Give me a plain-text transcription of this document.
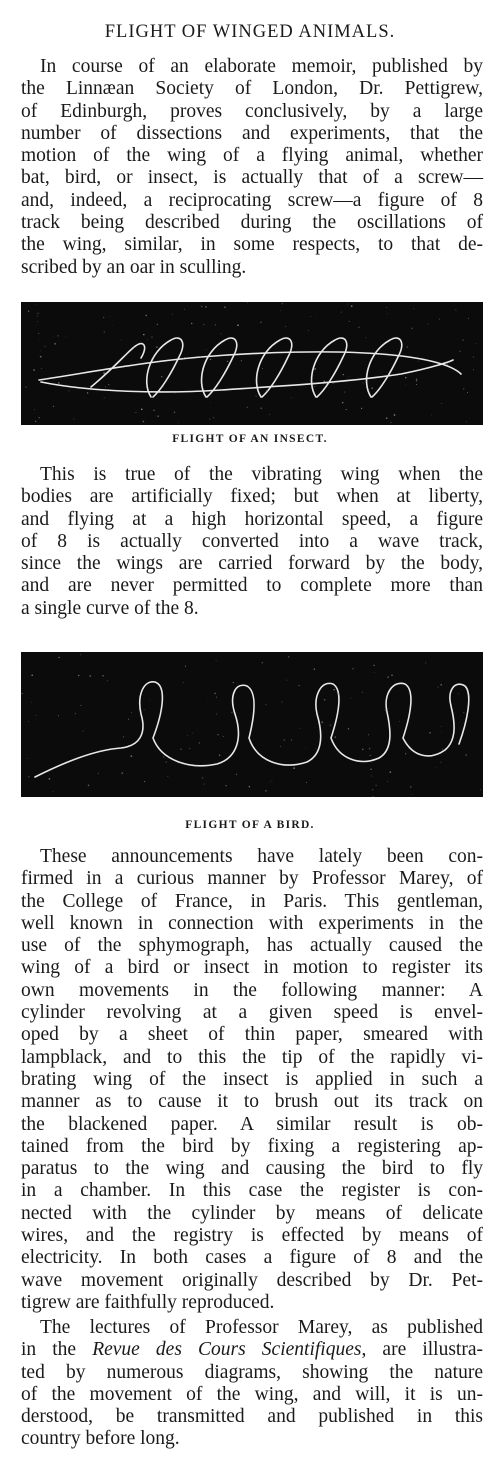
FLIGHT OF WINGED ANIMALS.
In course of an elaborate memoir, published by
the Linnæan Society of London, Dr. Pettigrew,
of Edinburgh, proves conclusively, by a large
number of dissections and experiments, that the
motion of the wing of a flying animal, whether
bat, bird, or insect, is actually that of a screw—
and, indeed, a reciprocating screw—a figure of 8
track being described during the oscillations of
the wing, similar, in some respects, to that de-
scribed by an oar in sculling.
FLIGHT OF AN INSECT.
This is true of the vibrating wing when the
bodies are artificially fixed; but when at liberty,
and flying at a high horizontal speed, a figure
of 8 is actually converted into a wave track,
since the wings are carried forward by the body,
and are never permitted to complete more than
a single curve of the 8.
FLIGHT OF A BIRD.
These announcements have lately been con-
firmed in a curious manner by Professor Marey, of
the College of France, in Paris. This gentleman,
well known in connection with experiments in the
use of the sphymograph, has actually caused the
wing of a bird or insect in motion to register its
own movements in the following manner: A
cylinder revolving at a given speed is envel-
oped by a sheet of thin paper, smeared with
lampblack, and to this the tip of the rapidly vi-
brating wing of the insect is applied in such a
manner as to cause it to brush out its track on
the blackened paper. A similar result is ob-
tained from the bird by fixing a registering ap-
paratus to the wing and causing the bird to fly
in a chamber. In this case the register is con-
nected with the cylinder by means of delicate
wires, and the registry is effected by means of
electricity. In both cases a figure of 8 and the
wave movement originally described by Dr. Pet-
tigrew are faithfully reproduced.
The lectures of Professor Marey, as published
in the Revue des Cours Scientifiques, are illustra-
ted by numerous diagrams, showing the nature
of the movement of the wing, and will, it is un-
derstood, be transmitted and published in this
country before long.
